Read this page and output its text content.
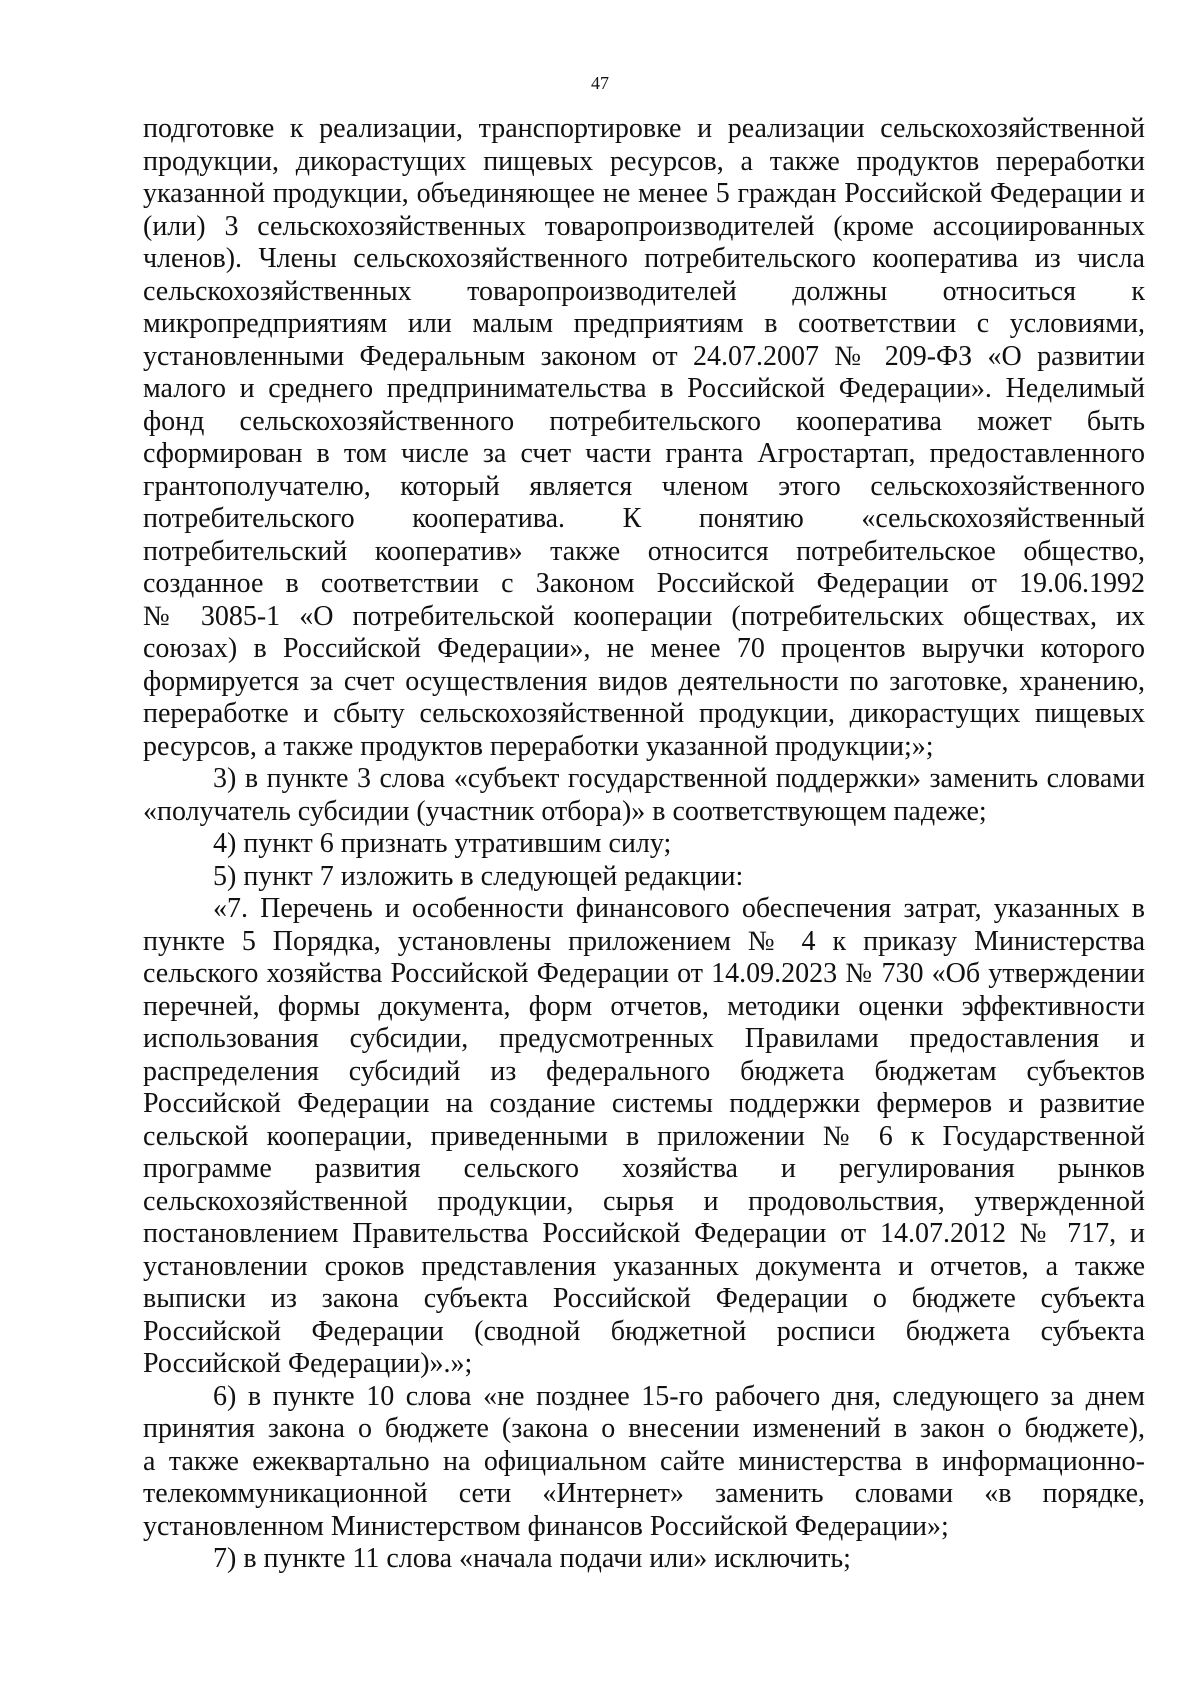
47
подготовке к реализации, транспортировке и реализации сельскохозяйственной
продукции, дикорастущих пищевых ресурсов, а также продуктов переработки
указанной продукции, объединяющее не менее 5 граждан Российской Федерации и
(или) 3 сельскохозяйственных товаропроизводителей (кроме ассоциированных
членов). Члены сельскохозяйственного потребительского кооператива из числа
сельскохозяйственных товаропроизводителей должны относиться к
микропредприятиям или малым предприятиям в соответствии с условиями,
установленными Федеральным законом от 24.07.2007 № 209-ФЗ «О развитии
малого и среднего предпринимательства в Российской Федерации». Неделимый
фонд сельскохозяйственного потребительского кооператива может быть
сформирован в том числе за счет части гранта Агростартап, предоставленного
грантополучателю, который является членом этого сельскохозяйственного
потребительского кооператива. К понятию «сельскохозяйственный
потребительский кооператив» также относится потребительское общество,
созданное в соответствии с Законом Российской Федерации от 19.06.1992
№ 3085-1 «О потребительской кооперации (потребительских обществах, их
союзах) в Российской Федерации», не менее 70 процентов выручки которого
формируется за счет осуществления видов деятельности по заготовке, хранению,
переработке и сбыту сельскохозяйственной продукции, дикорастущих пищевых
ресурсов, а также продуктов переработки указанной продукции;»;
3) в пункте 3 слова «субъект государственной поддержки» заменить словами
«получатель субсидии (участник отбора)» в соответствующем падеже;
4) пункт 6 признать утратившим силу;
5) пункт 7 изложить в следующей редакции:
«7. Перечень и особенности финансового обеспечения затрат, указанных в
пункте 5 Порядка, установлены приложением № 4 к приказу Министерства
сельского хозяйства Российской Федерации от 14.09.2023 № 730 «Об утверждении
перечней, формы документа, форм отчетов, методики оценки эффективности
использования субсидии, предусмотренных Правилами предоставления и
распределения субсидий из федерального бюджета бюджетам субъектов
Российской Федерации на создание системы поддержки фермеров и развитие
сельской кооперации, приведенными в приложении № 6 к Государственной
программе развития сельского хозяйства и регулирования рынков
сельскохозяйственной продукции, сырья и продовольствия, утвержденной
постановлением Правительства Российской Федерации от 14.07.2012 № 717, и
установлении сроков представления указанных документа и отчетов, а также
выписки из закона субъекта Российской Федерации о бюджете субъекта
Российской Федерации (сводной бюджетной росписи бюджета субъекта
Российской Федерации)».»;
6) в пункте 10 слова «не позднее 15-го рабочего дня, следующего за днем
принятия закона о бюджете (закона о внесении изменений в закон о бюджете),
а также ежеквартально на официальном сайте министерства в информационно-
телекоммуникационной сети «Интернет» заменить словами «в порядке,
установленном Министерством финансов Российской Федерации»;
7) в пункте 11 слова «начала подачи или» исключить;
